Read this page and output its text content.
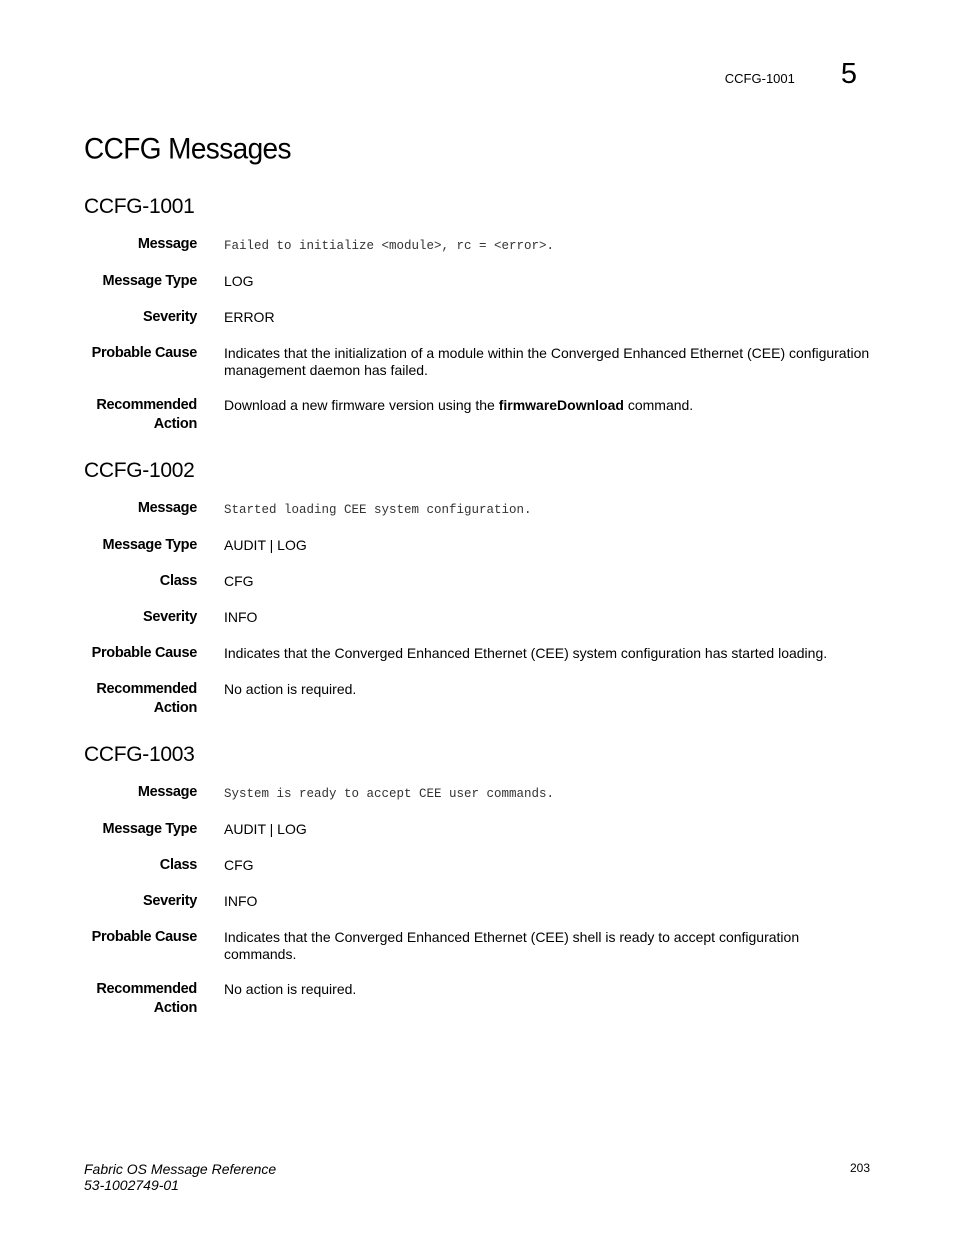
CCFG-1001 5
CCFG Messages
CCFG-1001
Message Failed to initialize <module>, rc = <error>.
Message Type LOG
Severity ERROR
Probable Cause Indicates that the initialization of a module within the Converged Enhanced Ethernet (CEE) configuration management daemon has failed.
Recommended
Action
Download a new firmware version using the firmwareDownload command.
CCFG-1002
Message Started loading CEE system configuration.
Message Type AUDIT | LOG
Class CFG
Severity INFO
Probable Cause Indicates that the Converged Enhanced Ethernet (CEE) system configuration has started loading.
Recommended
Action
No action is required.
CCFG-1003
Message System is ready to accept CEE user commands.
Message Type AUDIT | LOG
Class CFG
Severity INFO
Probable Cause Indicates that the Converged Enhanced Ethernet (CEE) shell is ready to accept configuration commands.
Recommended
Action
No action is required.
Fabric OS Message Reference
53-1002749-01
203
